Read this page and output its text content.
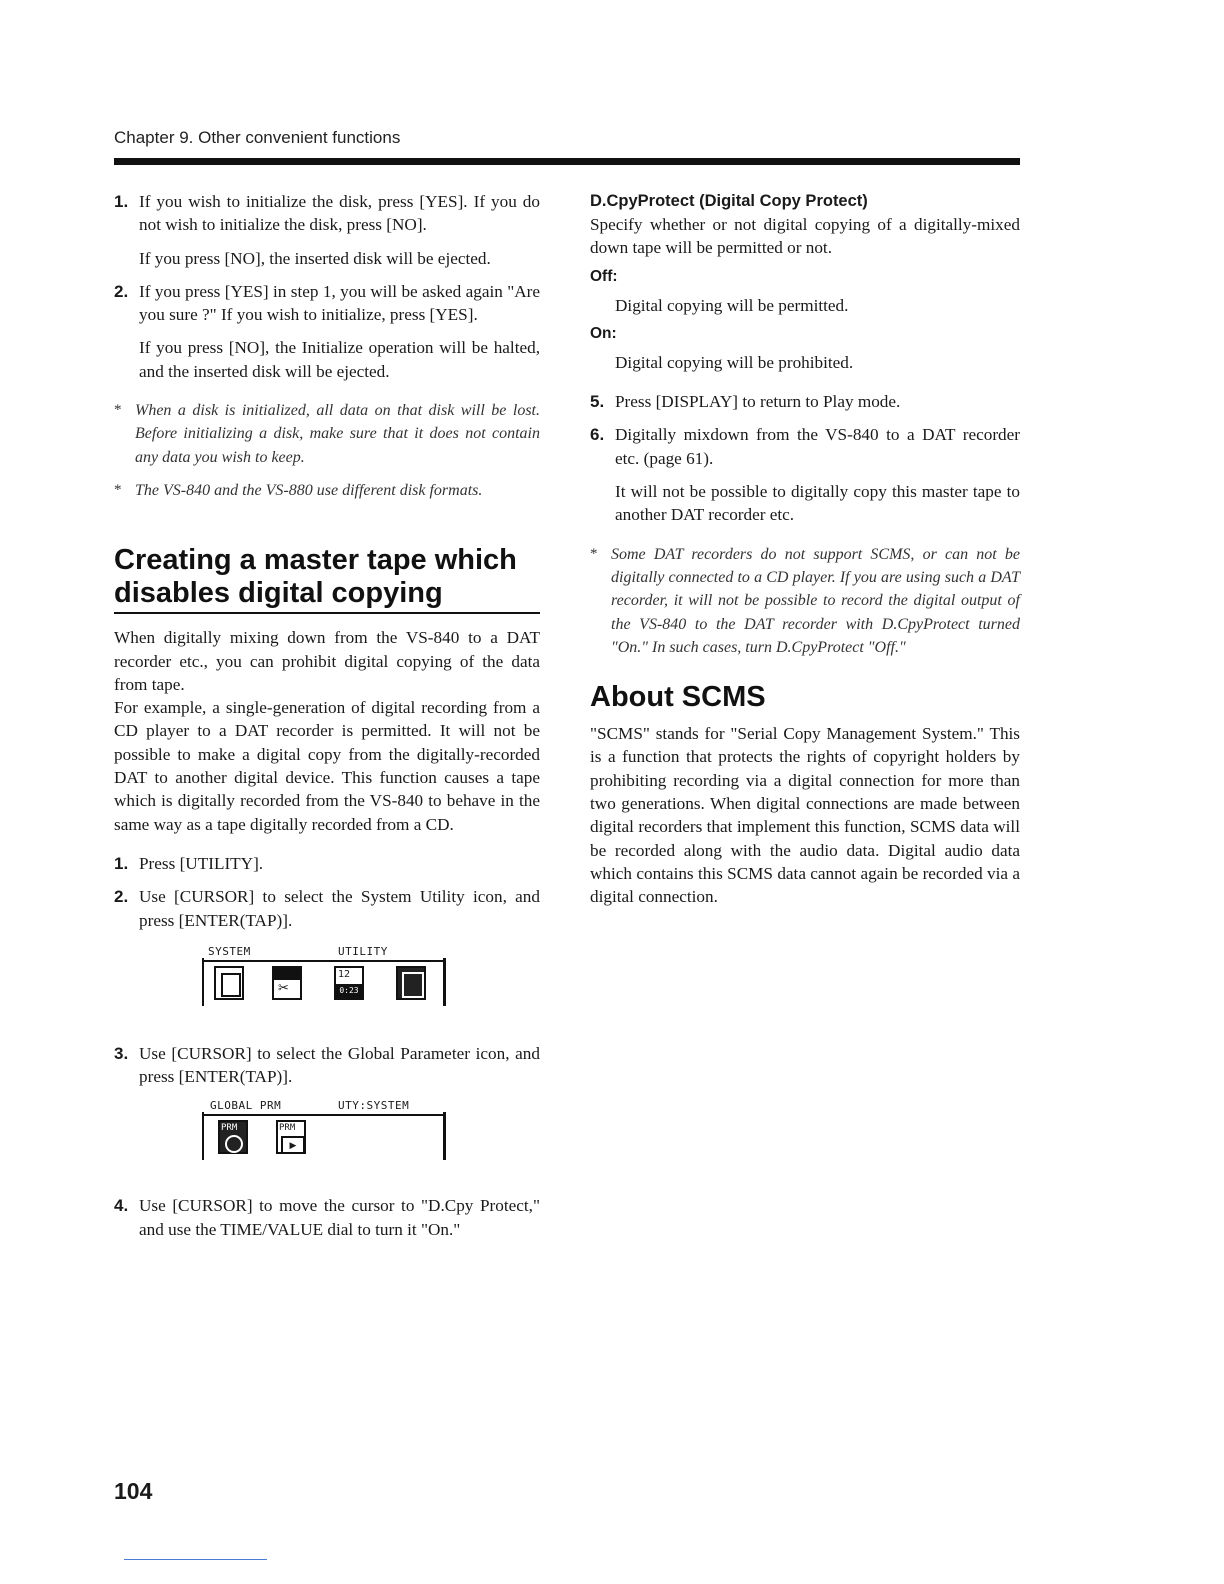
Chapter 9. Other convenient functions
1. If you wish to initialize the disk, press [YES]. If you do not wish to initialize the disk, press [NO].

If you press [NO], the inserted disk will be ejected.

2. If you press [YES] in step 1, you will be asked again "Are you sure ?" If you wish to initialize, press [YES].

If you press [NO], the Initialize operation will be halted, and the inserted disk will be ejected.

* When a disk is initialized, all data on that disk will be lost. Before initializing a disk, make sure that it does not contain any data you wish to keep.

* The VS-840 and the VS-880 use different disk formats.

Creating a master tape which disables digital copying

When digitally mixing down from the VS-840 to a DAT recorder etc., you can prohibit digital copying of the data from tape.

For example, a single-generation of digital recording from a CD player to a DAT recorder is permitted. It will not be possible to make a digital copy from the digitally-recorded DAT to another digital device. This function causes a tape which is digitally recorded from the VS-840 to behave in the same way as a tape digitally recorded from a CD.

1. Press [UTILITY].

2. Use [CURSOR] to select the System Utility icon, and press [ENTER(TAP)].

SYSTEM	UTILITY
✂
12
0:23
3. Use [CURSOR] to select the Global Parameter icon, and press [ENTER(TAP)].

GLOBAL PRM	UTY:SYSTEM
PRM	PRM
▶
4. Use [CURSOR] to move the cursor to "D.Cpy Protect," and use the TIME/VALUE dial to turn it "On."

D.CpyProtect (Digital Copy Protect)

Specify whether or not digital copying of a digitally-mixed down tape will be permitted or not.

Off:

Digital copying will be permitted.

On:

Digital copying will be prohibited.

5. Press [DISPLAY] to return to Play mode.

6. Digitally mixdown from the VS-840 to a DAT recorder etc. (page 61).

It will not be possible to digitally copy this master tape to another DAT recorder etc.

* Some DAT recorders do not support SCMS, or can not be digitally connected to a CD player. If you are using such a DAT recorder, it will not be possible to record the digital output of the VS-840 to the DAT recorder with D.CpyProtect turned "On." In such cases, turn D.CpyProtect "Off."

About SCMS

"SCMS" stands for "Serial Copy Management System." This is a function that protects the rights of copyright holders by prohibiting recording via a digital connection for more than two generations. When digital connections are made between digital recorders that implement this function, SCMS data will be recorded along with the audio data. Digital audio data which contains this SCMS data cannot again be recorded via a digital connection.

104
